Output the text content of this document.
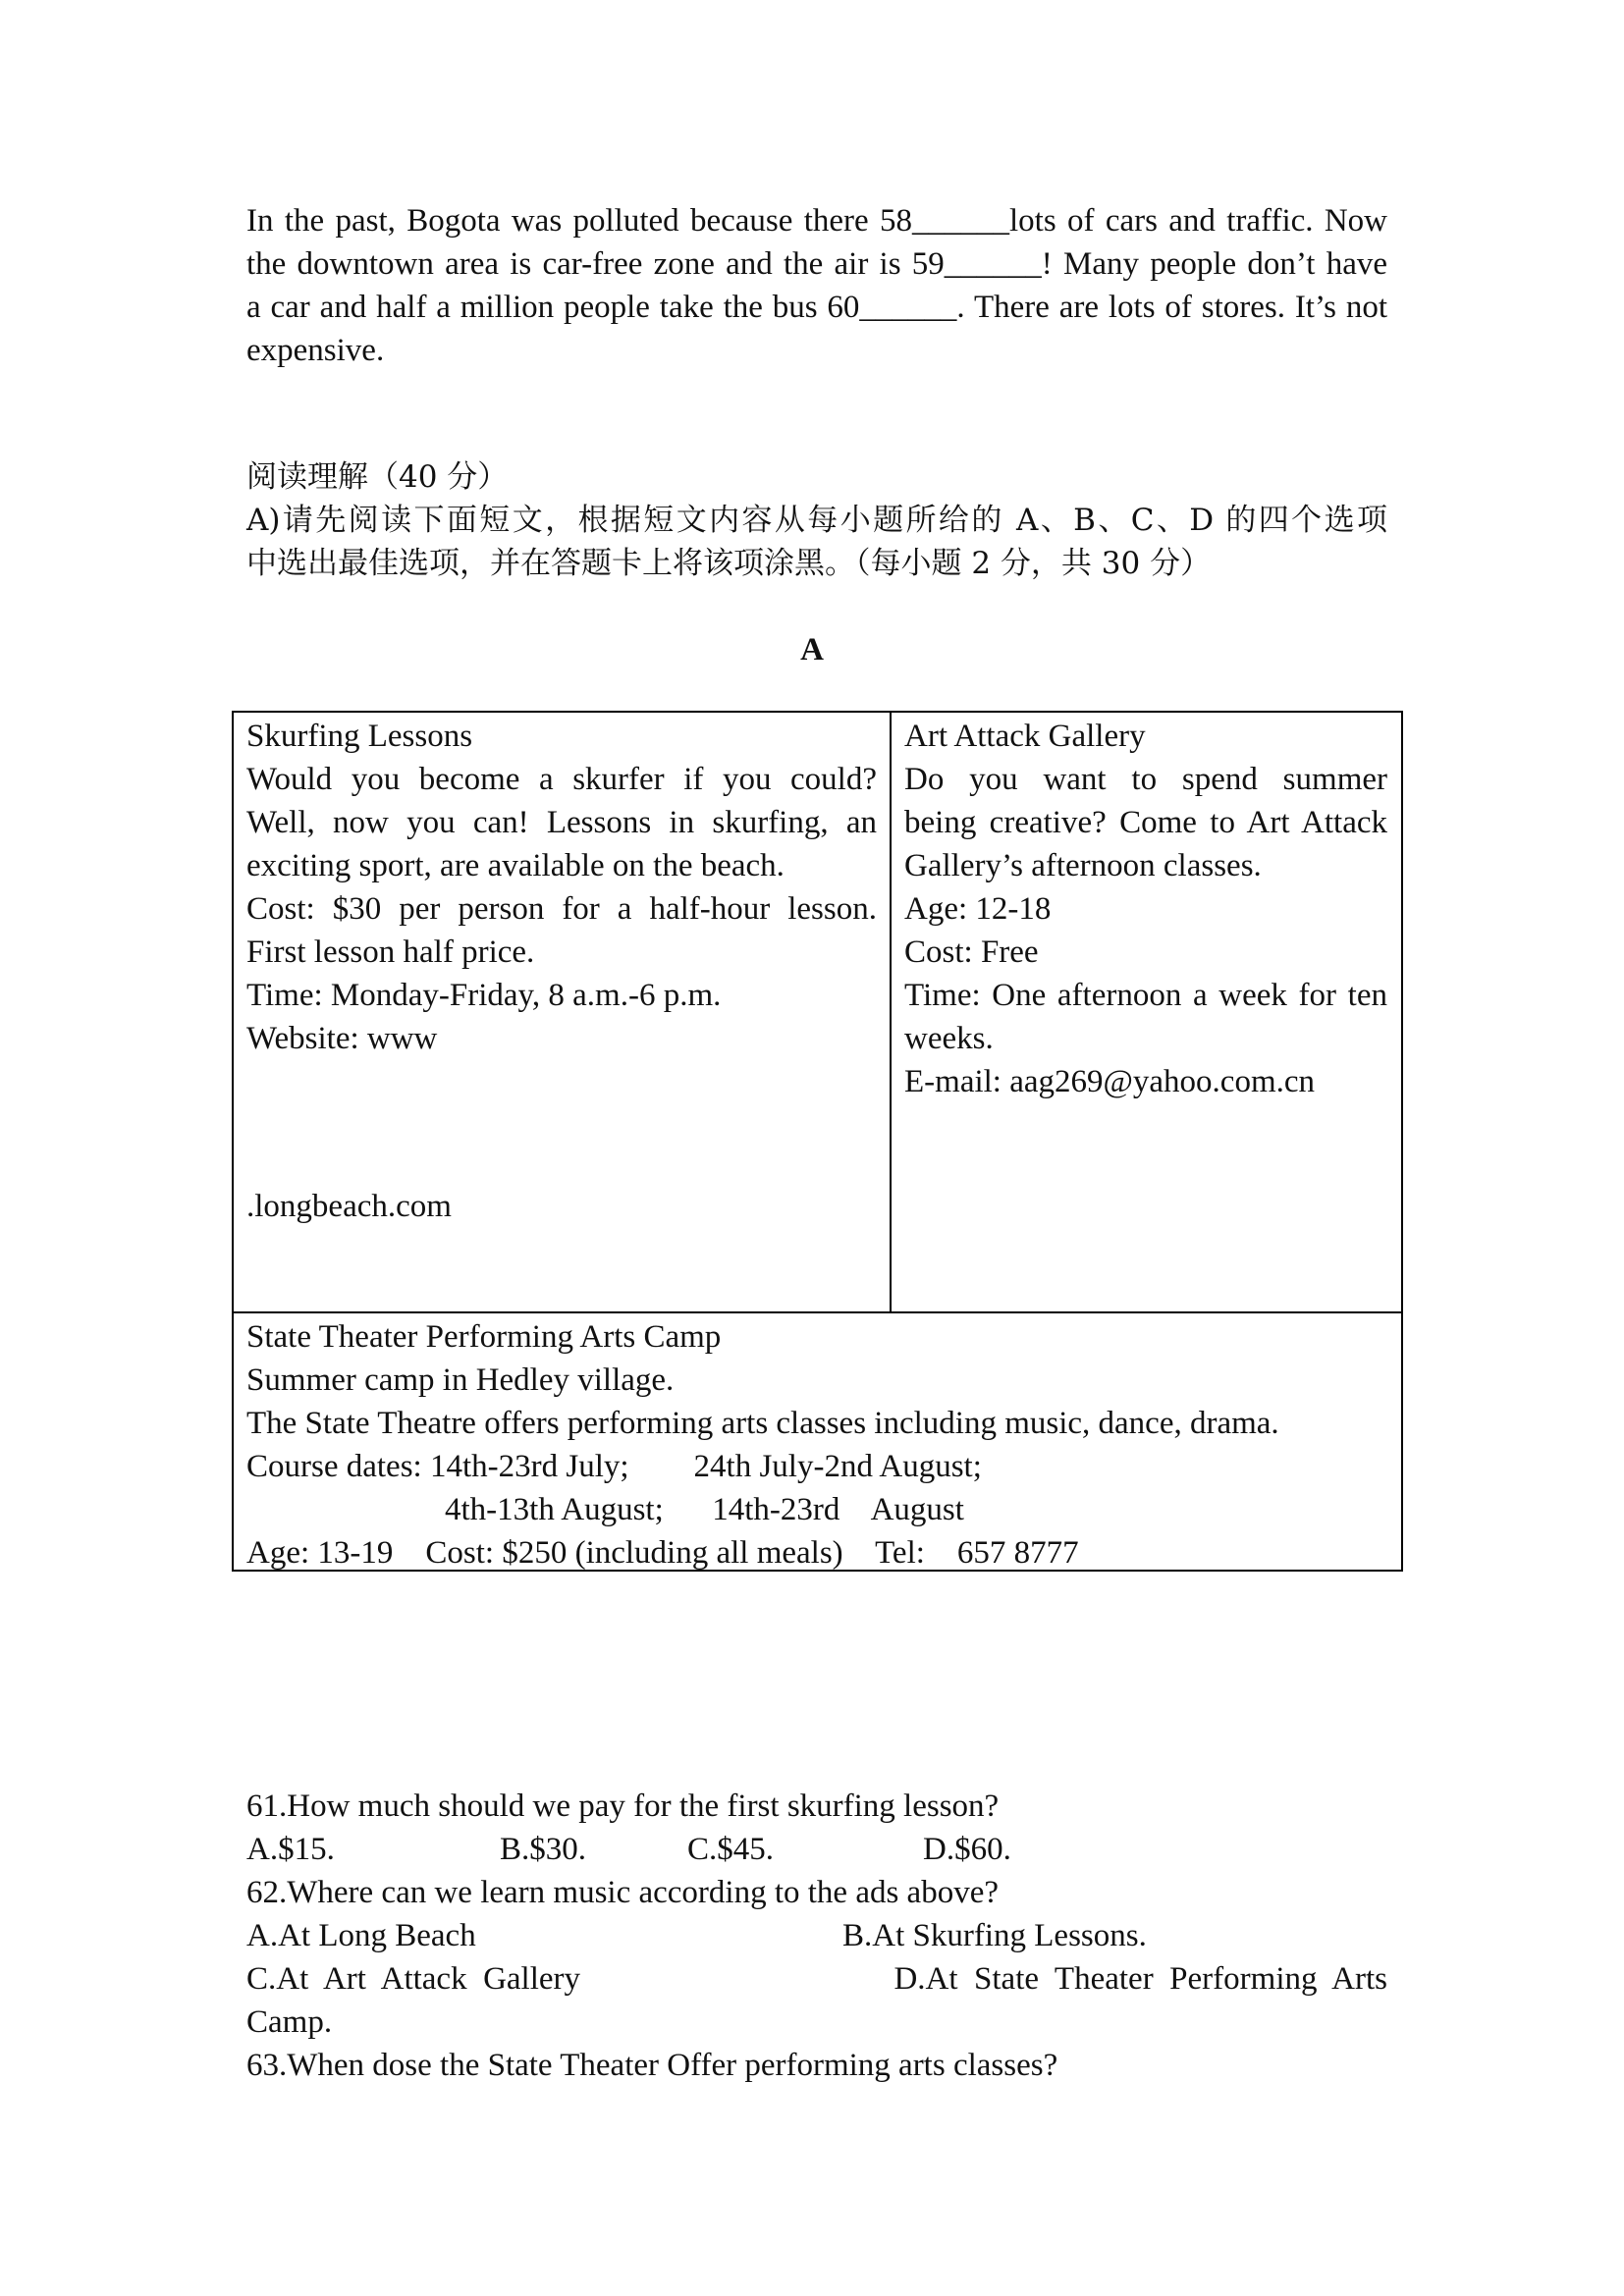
In the past, Bogota was polluted because there 58______lots of cars and traffic. Now
the downtown area is car-free zone and the air is 59______! Many people don’t have
a car and half a million people take the bus 60______. There are lots of stores. It’s not
expensive.
阅读理解（40 分）
A)请先阅读下面短文，根据短文内容从每小题所给的 A、B、C、D 的四个选项
中选出最佳选项，并在答题卡上将该项涂黑。（每小题 2 分，共 30 分）
A
Skurfing Lessons
Would you become a skurfer if you could?
Well, now you can! Lessons in skurfing, an
exciting sport, are available on the beach.
Cost: $30 per person for a half-hour lesson.
First lesson half price.
Time: Monday-Friday, 8 a.m.-6 p.m.
Website: www
.longbeach.com
Art Attack Gallery
Do you want to spend summer
being creative? Come to Art Attack
Gallery’s afternoon classes.
Age: 12-18
Cost: Free
Time: One afternoon a week for ten
weeks.
E-mail: aag269@yahoo.com.cn
State Theater Performing Arts Camp
Summer camp in Hedley village.
The State Theatre offers performing arts classes including music, dance, drama.
Course dates: 14th-23rd July;        24th July-2nd August;
4th-13th August;      14th-23rd    August
Age: 13-19    Cost: $250 (including all meals)    Tel:    657 8777
61.How much should we pay for the first skurfing lesson?
A.$15.	B.$30.	C.$45.	D.$60.
62.Where can we learn music according to the ads above?
A.At Long Beach	B.At Skurfing Lessons.
C.At  Art  Attack  Gallery	D.At  State  Theater  Performing  Arts
Camp.
63.When dose the State Theater Offer performing arts classes?
